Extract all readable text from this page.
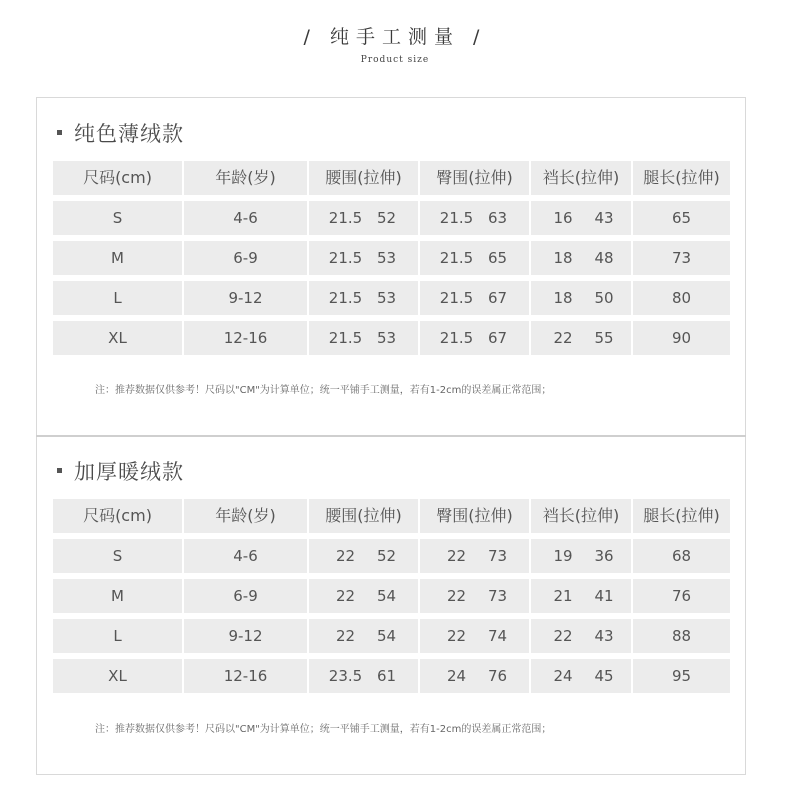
/ 纯手工测量 /
Product size
纯色薄绒款
尺码(cm)	年龄(岁)	腰围(拉伸)	臀围(拉伸)	裆长(拉伸)	腿长(拉伸)
S	4-6	21.5 52	21.5 63	16 43	65
M	6-9	21.5 53	21.5 65	18 48	73
L	9-12	21.5 53	21.5 67	18 50	80
XL	12-16	21.5 53	21.5 67	22 55	90
注：推荐数据仅供参考！尺码以"CM"为计算单位；统一平铺手工测量，若有1-2cm的误差属正常范围；
加厚暖绒款
尺码(cm)	年龄(岁)	腰围(拉伸)	臀围(拉伸)	裆长(拉伸)	腿长(拉伸)
S	4-6	22 52	22 73	19 36	68
M	6-9	22 54	22 73	21 41	76
L	9-12	22 54	22 74	22 43	88
XL	12-16	23.5 61	24 76	24 45	95
注：推荐数据仅供参考！尺码以"CM"为计算单位；统一平铺手工测量，若有1-2cm的误差属正常范围；
